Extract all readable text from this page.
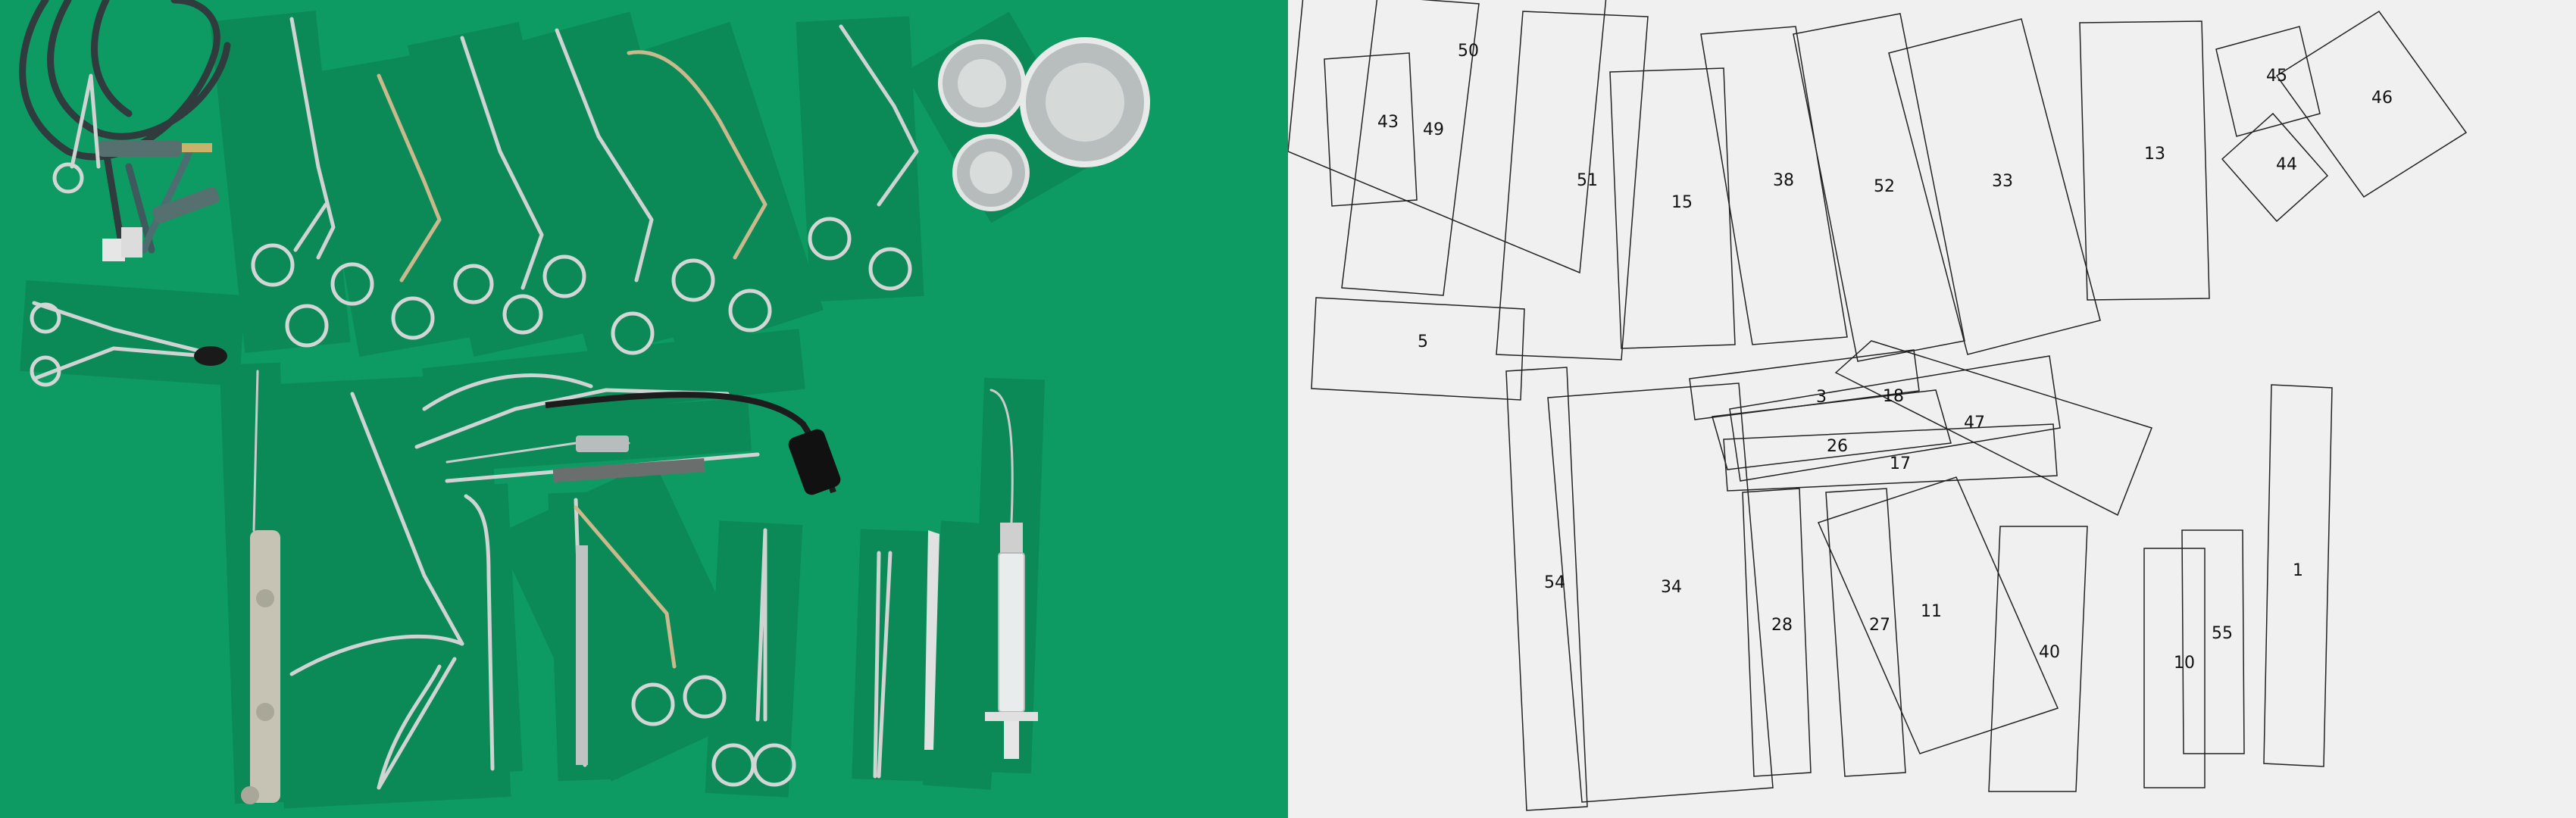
1
3
5
10
11
13
15
17
18
26
27
28
33
34
38
40
43
44
45
46
47
49
50
51	52
54
55
